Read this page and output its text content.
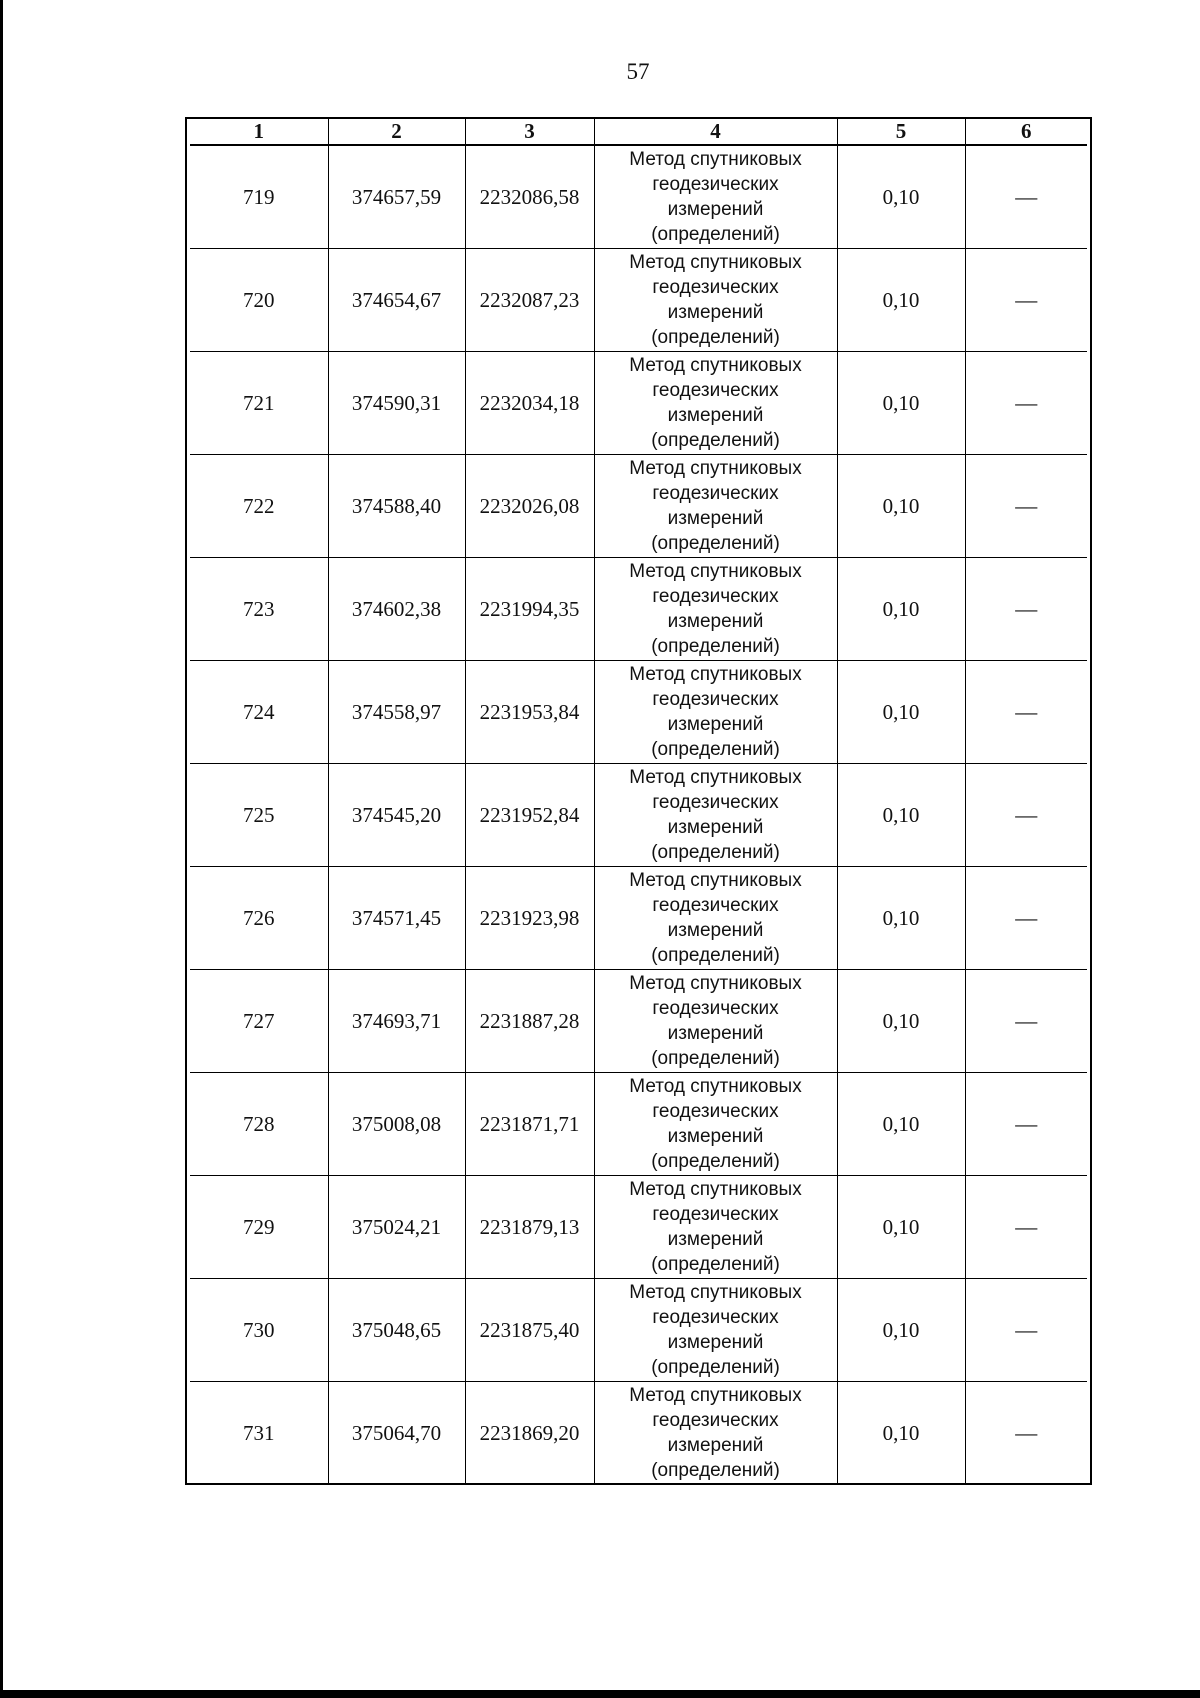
57
1	2	3	4	5	6
719	374657,59	2232086,58	Метод спутниковых
геодезических
измерений
(определений)	0,10	—
720	374654,67	2232087,23	Метод спутниковых
геодезических
измерений
(определений)	0,10	—
721	374590,31	2232034,18	Метод спутниковых
геодезических
измерений
(определений)	0,10	—
722	374588,40	2232026,08	Метод спутниковых
геодезических
измерений
(определений)	0,10	—
723	374602,38	2231994,35	Метод спутниковых
геодезических
измерений
(определений)	0,10	—
724	374558,97	2231953,84	Метод спутниковых
геодезических
измерений
(определений)	0,10	—
725	374545,20	2231952,84	Метод спутниковых
геодезических
измерений
(определений)	0,10	—
726	374571,45	2231923,98	Метод спутниковых
геодезических
измерений
(определений)	0,10	—
727	374693,71	2231887,28	Метод спутниковых
геодезических
измерений
(определений)	0,10	—
728	375008,08	2231871,71	Метод спутниковых
геодезических
измерений
(определений)	0,10	—
729	375024,21	2231879,13	Метод спутниковых
геодезических
измерений
(определений)	0,10	—
730	375048,65	2231875,40	Метод спутниковых
геодезических
измерений
(определений)	0,10	—
731	375064,70	2231869,20	Метод спутниковых
геодезических
измерений
(определений)	0,10	—
